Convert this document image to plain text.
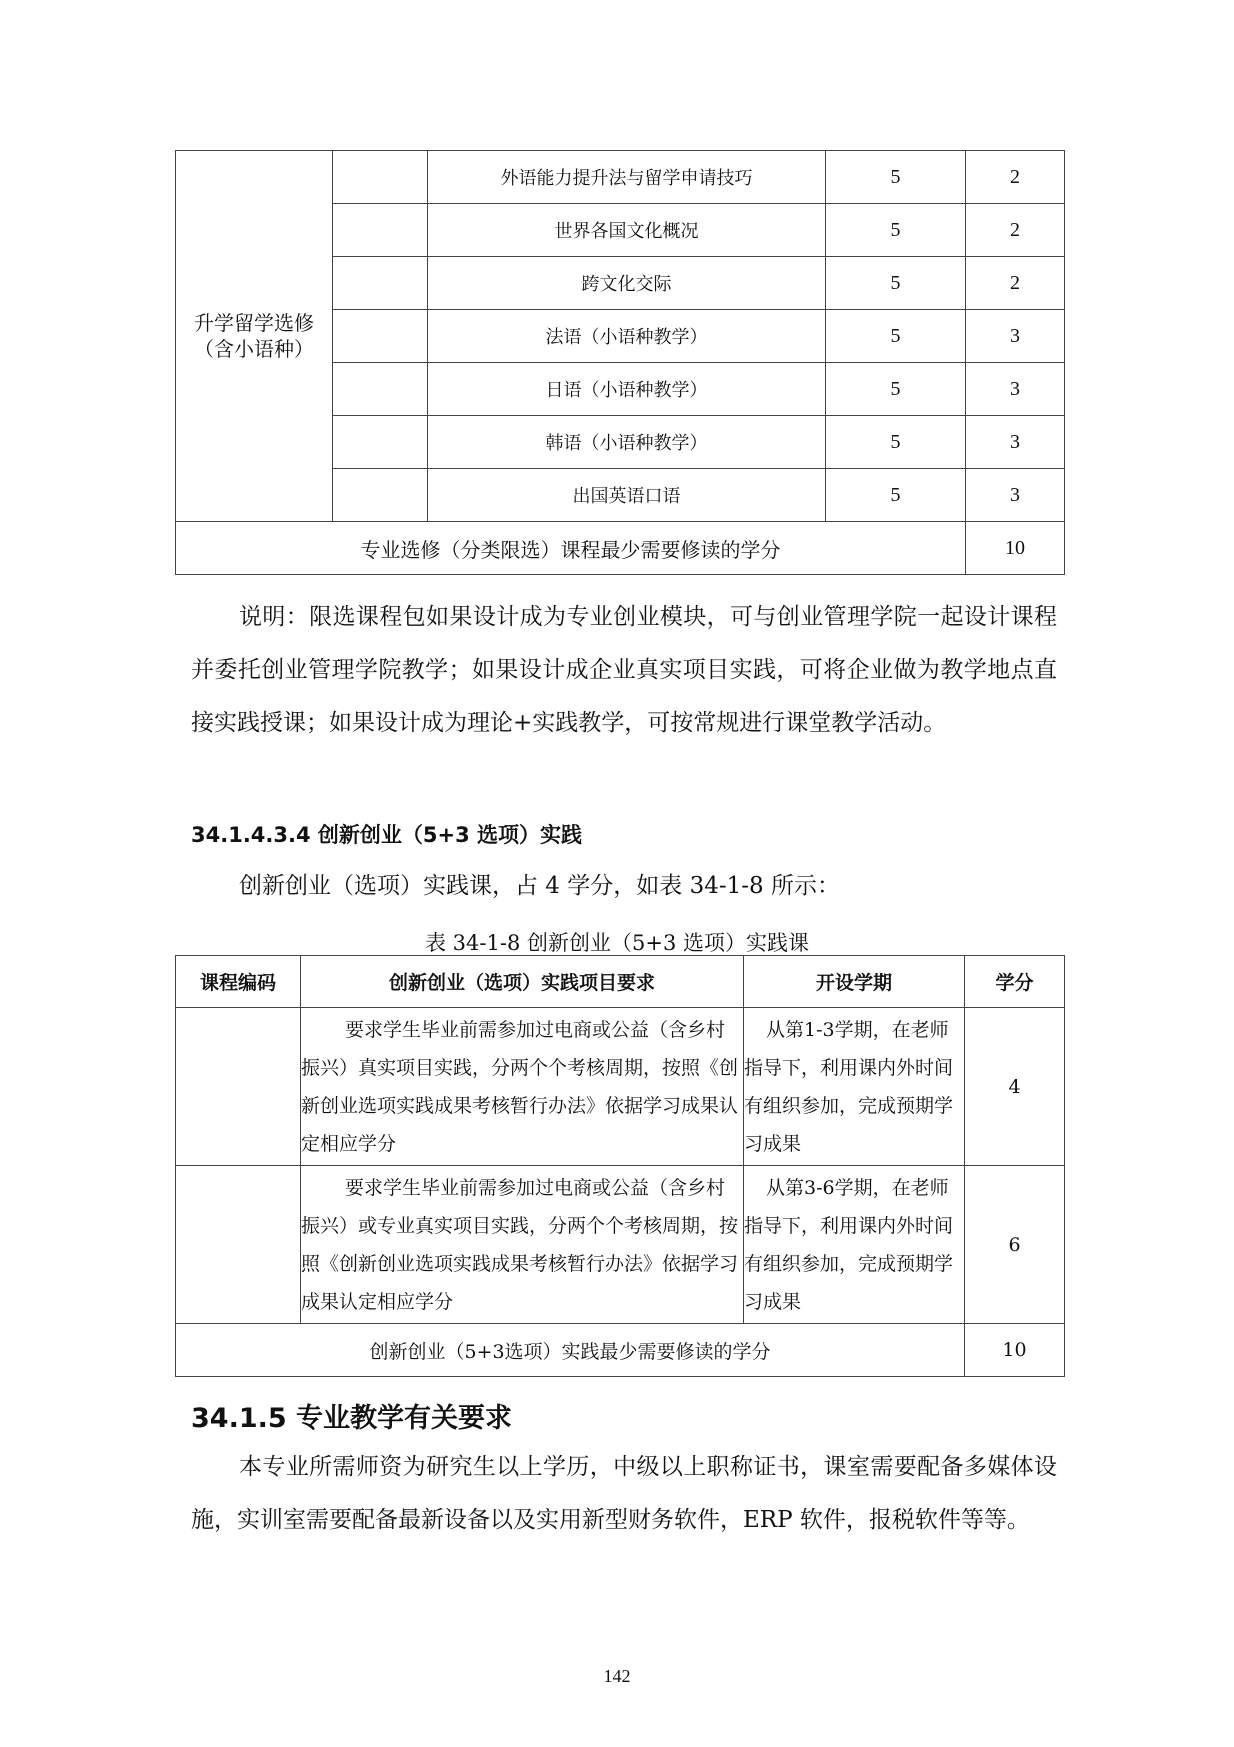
升学留学选修（含小语种）		外语能力提升法与留学申请技巧	5	2
		世界各国文化概况	5	2
		跨文化交际	5	2
		法语（小语种教学）	5	3
		日语（小语种教学）	5	3
		韩语（小语种教学）	5	3
		出国英语口语	5	3
专业选修（分类限选）课程最少需要修读的学分				10
说明：限选课程包如果设计成为专业创业模块，可与创业管理学院一起设计课程并委托创业管理学院教学；如果设计成企业真实项目实践，可将企业做为教学地点直接实践授课；如果设计成为理论+实践教学，可按常规进行课堂教学活动。
34.1.4.3.4 创新创业（5+3 选项）实践
创新创业（选项）实践课，占 4 学分，如表 34-1-8 所示：
表 34-1-8 创新创业（5+3 选项）实践课
课程编码	创新创业（选项）实践项目要求	开设学期	学分
	要求学生毕业前需参加过电商或公益（含乡村振兴）真实项目实践，分两个个考核周期，按照《创新创业选项实践成果考核暂行办法》依据学习成果认定相应学分	从第1-3学期，在老师指导下，利用课内外时间有组织参加，完成预期学习成果	4
	要求学生毕业前需参加过电商或公益（含乡村振兴）或专业真实项目实践，分两个个考核周期，按照《创新创业选项实践成果考核暂行办法》依据学习成果认定相应学分	从第3-6学期，在老师指导下，利用课内外时间有组织参加，完成预期学习成果	6
创新创业（5+3选项）实践最少需要修读的学分			10
34.1.5 专业教学有关要求
本专业所需师资为研究生以上学历，中级以上职称证书，课室需要配备多媒体设施，实训室需要配备最新设备以及实用新型财务软件，ERP 软件，报税软件等等。
142
